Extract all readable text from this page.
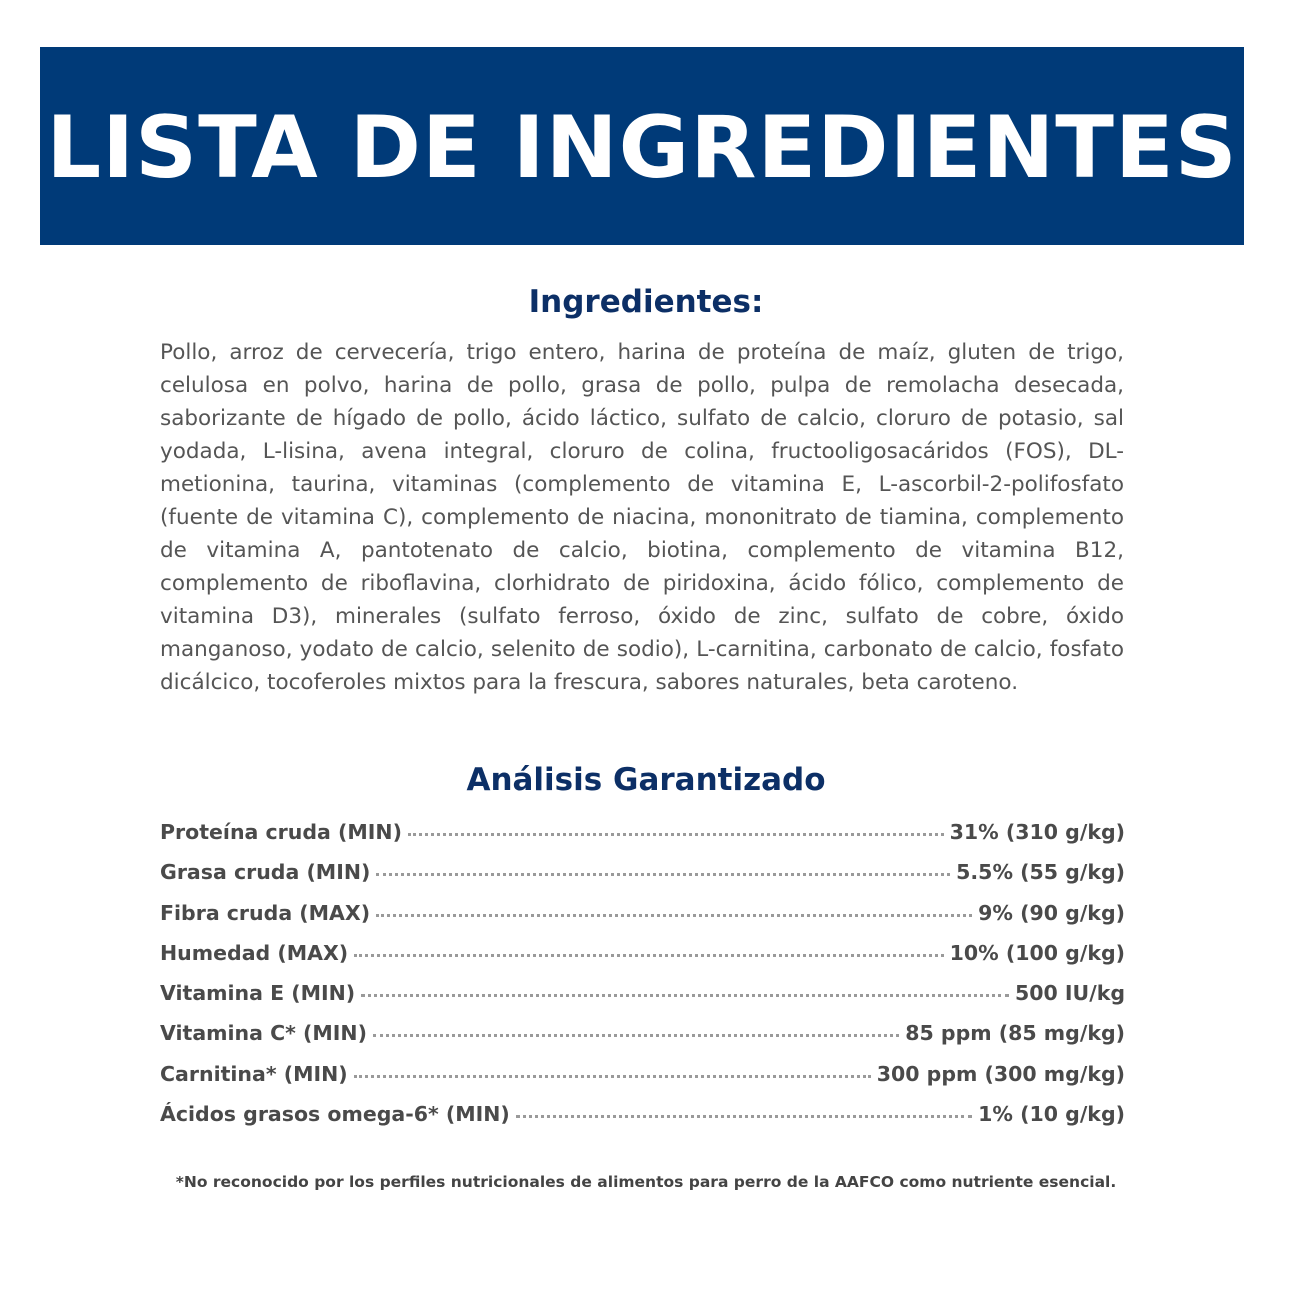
LISTA DE INGREDIENTES
Ingredientes:

Pollo, arroz de cervecería, trigo entero, harina de proteína de maíz, gluten de trigo, celulosa en polvo, harina de pollo, grasa de pollo, pulpa de remolacha desecada, saborizante de hígado de pollo, ácido láctico, sulfato de calcio, cloruro de potasio, sal yodada, L-lisina, avena integral, cloruro de colina, fructooligosacáridos (FOS), DL-metionina, taurina, vitaminas (complemento de vitamina E, L-ascorbil-2-polifosfato (fuente de vitamina C), complemento de niacina, mononitrato de tiamina, complemento de vitamina A, pantotenato de calcio, biotina, complemento de vitamina B12, complemento de riboflavina, clorhidrato de piridoxina, ácido fólico, complemento de vitamina D3), minerales (sulfato ferroso, óxido de zinc, sulfato de cobre, óxido manganoso, yodato de calcio, selenito de sodio), L-carnitina, carbonato de calcio, fosfato dicálcico, tocoferoles mixtos para la frescura, sabores naturales, beta caroteno.

Análisis Garantizado
Proteína cruda (MIN)	31% (310 g/kg)
Grasa cruda (MIN)	5.5% (55 g/kg)
Fibra cruda (MAX)	9% (90 g/kg)
Humedad (MAX)	10% (100 g/kg)
Vitamina E (MIN)	500 IU/kg
Vitamina C* (MIN)	85 ppm (85 mg/kg)
Carnitina* (MIN)	300 ppm (300 mg/kg)
Ácidos grasos omega-6* (MIN)	1% (10 g/kg)
*No reconocido por los perfiles nutricionales de alimentos para perro de la AAFCO como nutriente esencial.
